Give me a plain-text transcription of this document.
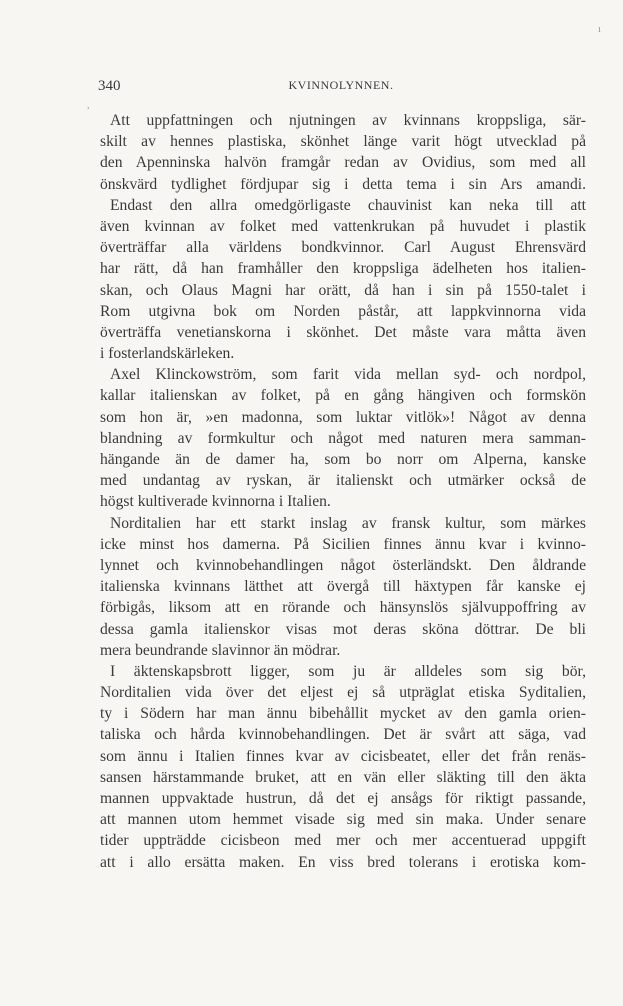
ı
,
340	KVINNOLYNNEN.
Att uppfattningen och njutningen av kvinnans kroppsliga, sär-
skilt av hennes plastiska, skönhet länge varit högt utvecklad på
den Apenninska halvön framgår redan av Ovidius, som med all
önskvärd tydlighet fördjupar sig i detta tema i sin Ars amandi.
Endast den allra omedgörligaste chauvinist kan neka till att
även kvinnan av folket med vattenkrukan på huvudet i plastik
överträffar alla världens bondkvinnor. Carl August Ehrensvärd
har rätt, då han framhåller den kroppsliga ädelheten hos italien-
skan, och Olaus Magni har orätt, då han i sin på 1550-talet i
Rom utgivna bok om Norden påstår, att lappkvinnorna vida
överträffa venetianskorna i skönhet. Det måste vara måtta även
i fosterlandskärleken.
Axel Klinckowström, som farit vida mellan syd- och nordpol,
kallar italienskan av folket, på en gång hängiven och formskön
som hon är, »en madonna, som luktar vitlök»! Något av denna
blandning av formkultur och något med naturen mera samman-
hängande än de damer ha, som bo norr om Alperna, kanske
med undantag av ryskan, är italienskt och utmärker också de
högst kultiverade kvinnorna i Italien.
Norditalien har ett starkt inslag av fransk kultur, som märkes
icke minst hos damerna. På Sicilien finnes ännu kvar i kvinno-
lynnet och kvinnobehandlingen något österländskt. Den åldrande
italienska kvinnans lätthet att övergå till häxtypen får kanske ej
förbigås, liksom att en rörande och hänsynslös självuppoffring av
dessa gamla italienskor visas mot deras sköna döttrar. De bli
mera beundrande slavinnor än mödrar.
I äktenskapsbrott ligger, som ju är alldeles som sig bör,
Norditalien vida över det eljest ej så utpräglat etiska Syditalien,
ty i Södern har man ännu bibehållit mycket av den gamla orien-
taliska och hårda kvinnobehandlingen. Det är svårt att säga, vad
som ännu i Italien finnes kvar av cicisbeatet, eller det från renäs-
sansen härstammande bruket, att en vän eller släkting till den äkta
mannen uppvaktade hustrun, då det ej ansågs för riktigt passande,
att mannen utom hemmet visade sig med sin maka. Under senare
tider uppträdde cicisbeon med mer och mer accentuerad uppgift
att i allo ersätta maken. En viss bred tolerans i erotiska kom-
